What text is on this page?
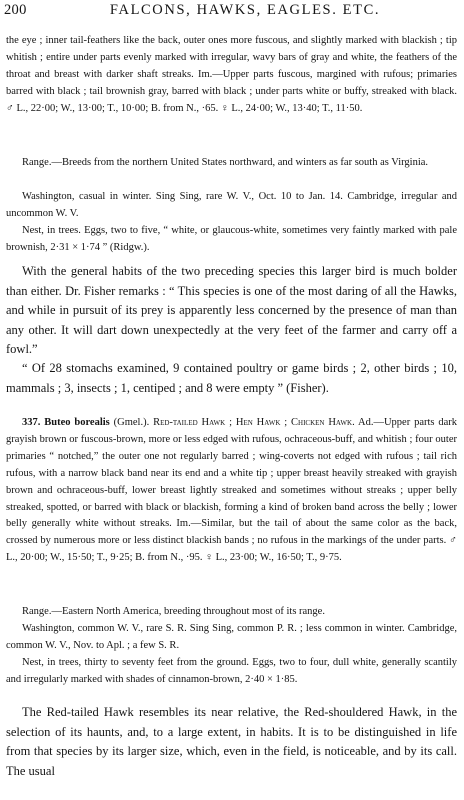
200	FALCONS, HAWKS, EAGLES. ETC.

the eye ; inner tail-feathers like the back, outer ones more fuscous, and slightly marked with blackish ; tip whitish ; entire under parts evenly marked with irregular, wavy bars of gray and white, the feathers of the throat and breast with darker shaft streaks. Im.—Upper parts fuscous, margined with rufous; primaries barred with black ; tail brownish gray, barred with black ; under parts white or buffy, streaked with black. ♂ L., 22·00; W., 13·00; T., 10·00; B. from N., ·65. ♀ L., 24·00; W., 13·40; T., 11·50.

Range.—Breeds from the northern United States northward, and winters as far south as Virginia.

Washington, casual in winter. Sing Sing, rare W. V., Oct. 10 to Jan. 14. Cambridge, irregular and uncommon W. V.

Nest, in trees. Eggs, two to five, “ white, or glaucous-white, sometimes very faintly marked with pale brownish, 2·31 × 1·74 ” (Ridgw.).

With the general habits of the two preceding species this larger bird is much bolder than either. Dr. Fisher remarks : “ This species is one of the most daring of all the Hawks, and while in pursuit of its prey is apparently less concerned by the presence of man than any other. It will dart down unexpectedly at the very feet of the farmer and carry off a fowl.”

“ Of 28 stomachs examined, 9 contained poultry or game birds ; 2, other birds ; 10, mammals ; 3, insects ; 1, centiped ; and 8 were empty ” (Fisher).

337. Buteo borealis (Gmel.). Red-tailed Hawk ; Hen Hawk ; Chicken Hawk. Ad.—Upper parts dark grayish brown or fuscous-brown, more or less edged with rufous, ochraceous-buff, and whitish ; four outer primaries “ notched,” the outer one not regularly barred ; wing-coverts not edged with rufous ; tail rich rufous, with a narrow black band near its end and a white tip ; upper breast heavily streaked with grayish brown and ochraceous-buff, lower breast lightly streaked and sometimes without streaks ; upper belly streaked, spotted, or barred with black or blackish, forming a kind of broken band across the belly ; lower belly generally white without streaks. Im.—Similar, but the tail of about the same color as the back, crossed by numerous more or less distinct blackish bands ; no rufous in the markings of the under parts. ♂ L., 20·00; W., 15·50; T., 9·25; B. from N., ·95. ♀ L., 23·00; W., 16·50; T., 9·75.

Range.—Eastern North America, breeding throughout most of its range.

Washington, common W. V., rare S. R. Sing Sing, common P. R. ; less common in winter. Cambridge, common W. V., Nov. to Apl. ; a few S. R.

Nest, in trees, thirty to seventy feet from the ground. Eggs, two to four, dull white, generally scantily and irregularly marked with shades of cinnamon-brown, 2·40 × 1·85.

The Red-tailed Hawk resembles its near relative, the Red-shouldered Hawk, in the selection of its haunts, and, to a large extent, in habits. It is to be distinguished in life from that species by its larger size, which, even in the field, is noticeable, and by its call. The usual
